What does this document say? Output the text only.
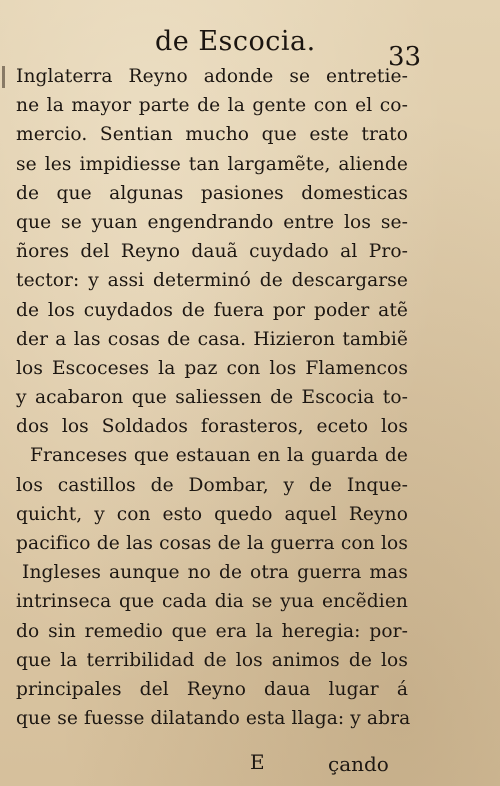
de Escocia.	33
Inglaterra Reyno adonde se entretie-
ne la mayor parte de la gente con el co-
mercio. Sentian mucho que este trato
se les impidiesse tan largamẽte, aliende
de que algunas pasiones domesticas
que se yuan engendrando entre los se-
ñores del Reyno dauã cuydado al Pro-
tector: y assi determinó de descargarse
de los cuydados de fuera por poder atẽ
der a las cosas de casa. Hizieron tambiẽ
los Escoceses la paz con los Flamencos
y acabaron que saliessen de Escocia to-
dos los Soldados forasteros, eceto los
Franceses que estauan en la guarda de
los castillos de Dombar, y de Inque-
quicht, y con esto quedo aquel Reyno
pacifico de las cosas de la guerra con los
Ingleses aunque no de otra guerra mas
intrinseca que cada dia se yua encẽdien
do sin remedio que era la heregia: por-
que la terribilidad de los animos de los
principales del Reyno daua lugar á
que se fuesse dilatando esta llaga: y abra
E	çando
